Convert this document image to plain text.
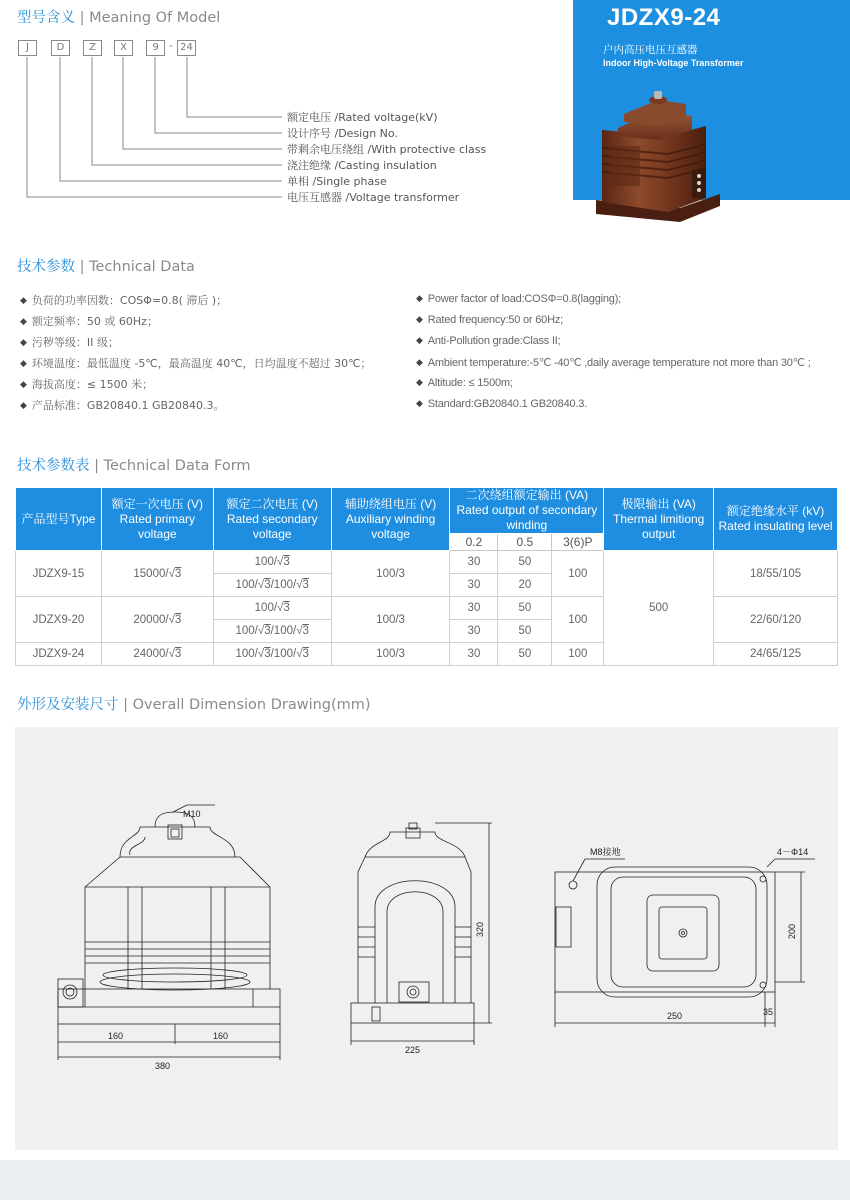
型号含义 | Meaning Of Model
J	D	Z	X	9	- 24
额定电压 /Rated voltage(kV)
设计序号 /Design No.
带剩余电压绕组 /With protective class
浇注绝缘 /Casting insulation
单相 /Single phase
电压互感器 /Voltage transformer
JDZX9-24
户内高压电压互感器
Indoor High-Voltage Transformer
技术参数 | Technical Data
◆ 负荷的功率因数：COSΦ=0.8( 滞后 )；
◆ 额定频率：50 或 60Hz；
◆ 污秽等级：II 级；
◆ 环境温度：最低温度 -5℃，最高温度 40℃，日均温度不超过 30℃；
◆ 海拔高度：≤ 1500 米；
◆ 产品标准：GB20840.1 GB20840.3。
◆ Power factor of load:COSΦ=0.8(lagging);
◆ Rated frequency:50 or 60Hz;
◆ Anti-Pollution grade:Class II;
◆ Ambient temperature:-5℃ -40℃ ,daily average temperature not more than 30℃ ;
◆ Altitude: ≤ 1500m;
◆ Standard:GB20840.1 GB20840.3.
技术参数表 | Technical Data Form
产品型号Type	额定一次电压 (V) Rated primary voltage	额定二次电压 (V) Rated secondary voltage	辅助绕组电压 (V) Auxiliary winding voltage	二次绕组额定输出 (VA) Rated output of secondary winding			极限输出 (VA) Thermal limitiong output	额定绝缘水平 (kV) Rated insulating level
				0.2	0.5	3(6)P		
JDZX9-15	15000/√3	100/√3	100/3	30	50	100	500	18/55/105
		100/√3/100/√3		30	20			
JDZX9-20	20000/√3	100/√3	100/3	30	50	100		22/60/120
		100/√3/100/√3		30	50			
JDZX9-24	24000/√3	100/√3/100/√3	100/3	30	50	100		24/65/125
外形及安装尺寸 | Overall Dimension Drawing(mm)
M10
160	160
380
225
320
M8接地	4－Φ14
250	35
200
